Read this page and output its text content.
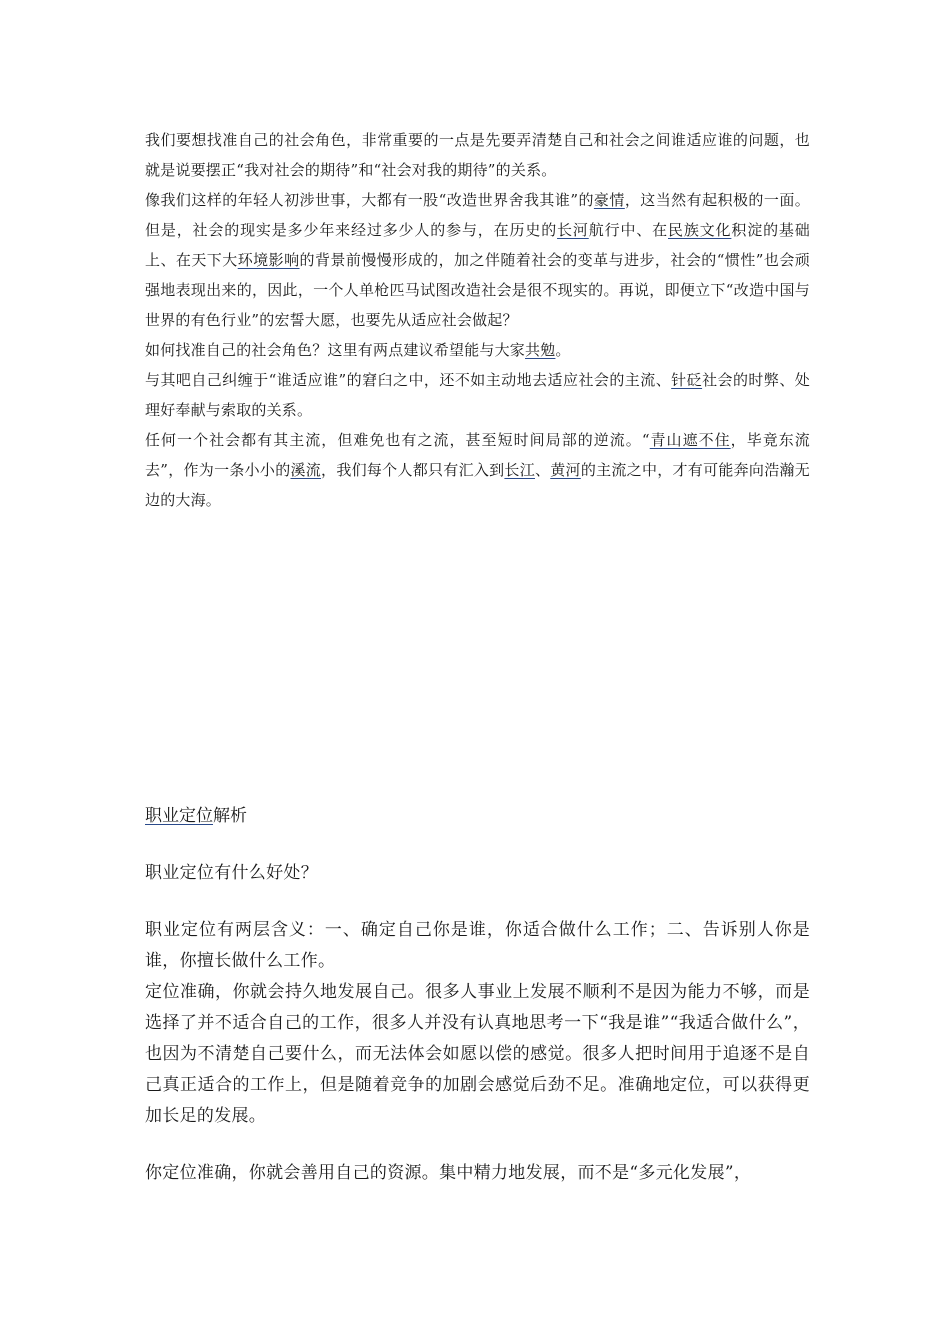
我们要想找准自己的社会角色，非常重要的一点是先要弄清楚自己和社会之间谁适应谁的问题，也就是说要摆正“我对社会的期待”和“社会对我的期待”的关系。

像我们这样的年轻人初涉世事，大都有一股“改造世界舍我其谁”的豪情，这当然有起积极的一面。但是，社会的现实是多少年来经过多少人的参与，在历史的长河航行中、在民族文化积淀的基础上、在天下大环境影响的背景前慢慢形成的，加之伴随着社会的变革与进步，社会的“惯性”也会顽强地表现出来的，因此，一个人单枪匹马试图改造社会是很不现实的。再说，即便立下“改造中国与世界的有色行业”的宏誓大愿，也要先从适应社会做起？

如何找准自己的社会角色？这里有两点建议希望能与大家共勉。

与其吧自己纠缠于“谁适应谁”的窘臼之中，还不如主动地去适应社会的主流、针砭社会的时弊、处理好奉献与索取的关系。

任何一个社会都有其主流，但难免也有之流，甚至短时间局部的逆流。“青山遮不住，毕竟东流去”，作为一条小小的溪流，我们每个人都只有汇入到长江、黄河的主流之中，才有可能奔向浩瀚无边的大海。

职业定位解析

职业定位有什么好处？

职业定位有两层含义：一、确定自己你是谁，你适合做什么工作；二、告诉别人你是谁，你擅长做什么工作。

定位准确，你就会持久地发展自己。很多人事业上发展不顺利不是因为能力不够，而是选择了并不适合自己的工作，很多人并没有认真地思考一下“我是谁”“我适合做什么”，也因为不清楚自己要什么，而无法体会如愿以偿的感觉。很多人把时间用于追逐不是自己真正适合的工作上，但是随着竞争的加剧会感觉后劲不足。准确地定位，可以获得更加长足的发展。

你定位准确，你就会善用自己的资源。集中精力地发展，而不是“多元化发展”，
